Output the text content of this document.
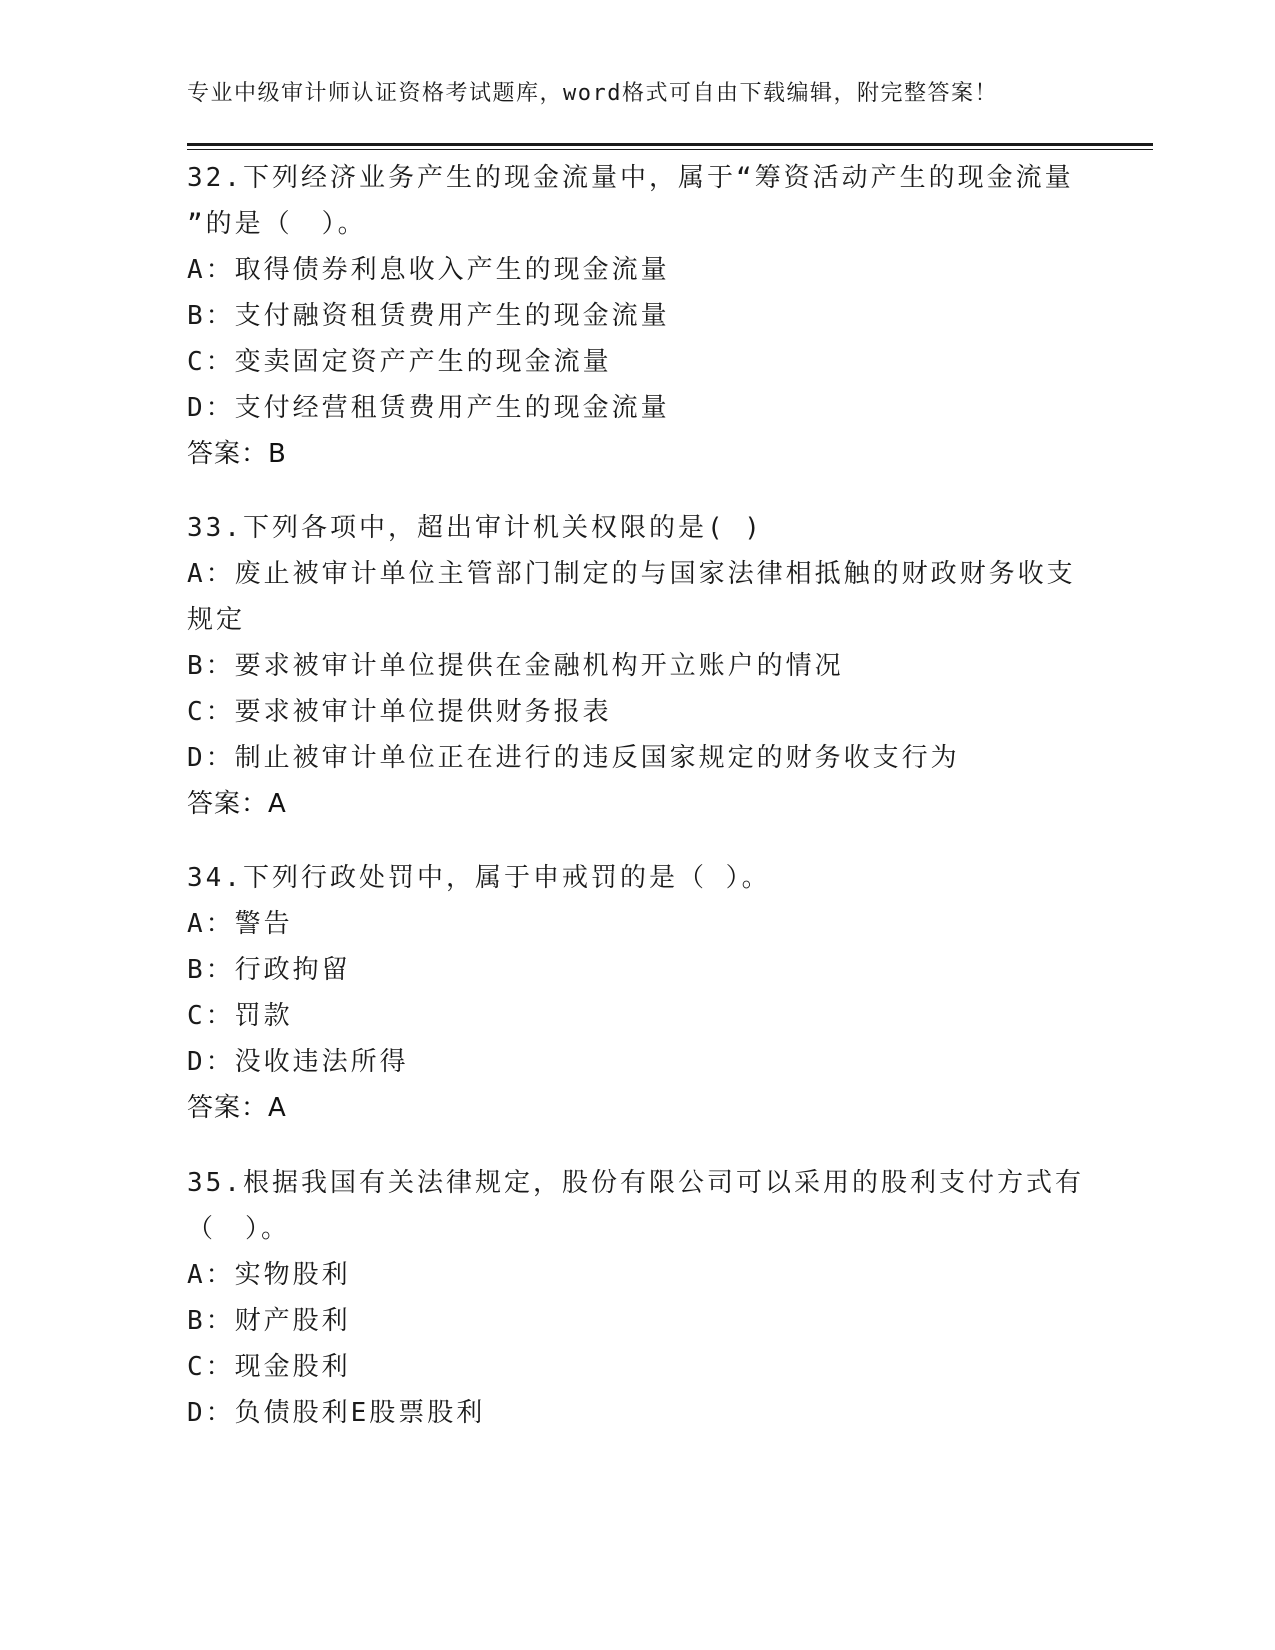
专业中级审计师认证资格考试题库，word格式可自由下载编辑，附完整答案！
32.下列经济业务产生的现金流量中，属于“筹资活动产生的现金流量
”的是（　）。
A：取得债券利息收入产生的现金流量
B：支付融资租赁费用产生的现金流量
C：变卖固定资产产生的现金流量
D：支付经营租赁费用产生的现金流量
答案：B
33.下列各项中，超出审计机关权限的是( )
A：废止被审计单位主管部门制定的与国家法律相抵触的财政财务收支
规定
B：要求被审计单位提供在金融机构开立账户的情况
C：要求被审计单位提供财务报表
D：制止被审计单位正在进行的违反国家规定的财务收支行为
答案：A
34.下列行政处罚中，属于申戒罚的是（ ）。
A：警告
B：行政拘留
C：罚款
D：没收违法所得
答案：A
35.根据我国有关法律规定，股份有限公司可以采用的股利支付方式有
（　）。
A：实物股利
B：财产股利
C：现金股利
D：负债股利E股票股利
